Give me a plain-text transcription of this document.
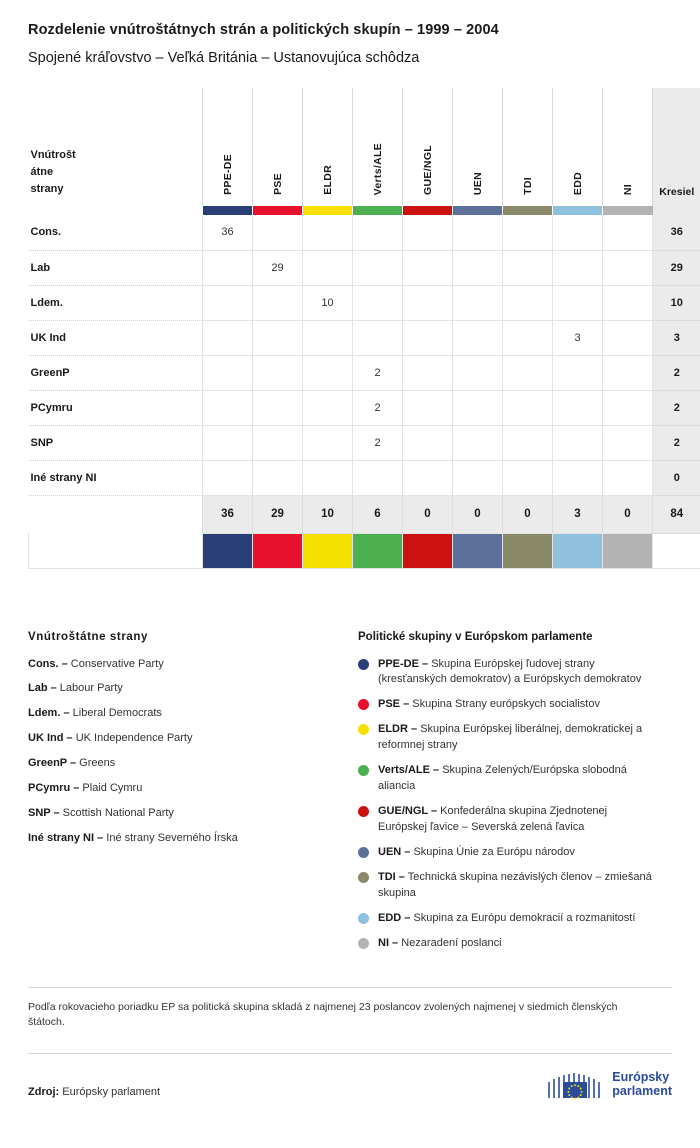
Rozdelenie vnútroštátnych strán a politických skupín – 1999 – 2004
Spojené kráľovstvo – Veľká Británia – Ustanovujúca schôdza
Vnútrošt
átne
strany	PPE-DE	PSE	ELDR	Verts/ALE	GUE/NGL	UEN	TDI	EDD	NI	Kresiel

Cons.	36									36
Lab		29								29
Ldem.			10							10
UK Ind								3		3
GreenP				2						2
PCymru				2						2
SNP				2						2
Iné strany NI										0
	36	29	10	6	0	0	0	3	0	84

Vnútroštátne strany
Cons. – Conservative Party
Lab – Labour Party
Ldem. – Liberal Democrats
UK Ind – UK Independence Party
GreenP – Greens
PCymru – Plaid Cymru
SNP – Scottish National Party
Iné strany NI – Iné strany Severného Írska
Politické skupiny v Európskom parlamente
PPE-DE – Skupina Európskej ľudovej strany (kresťanských demokratov) a Európskych demokratov
PSE – Skupina Strany európskych socialistov
ELDR – Skupina Európskej liberálnej, demokratickej a reformnej strany
Verts/ALE – Skupina Zelených/Európska slobodná aliancia
GUE/NGL – Konfederálna skupina Zjednotenej Európskej ľavice – Severská zelená ľavica
UEN – Skupina Únie za Európu národov
TDI – Technická skupina nezávislých členov – zmiešaná skupina
EDD – Skupina za Európu demokracií a rozmanitostí
NI – Nezaradení poslanci
Podľa rokovacieho poriadku EP sa politická skupina skladá z najmenej 23 poslancov zvolených najmenej v siedmich členských štátoch.
Zdroj: Európsky parlament
Európsky
parlament
